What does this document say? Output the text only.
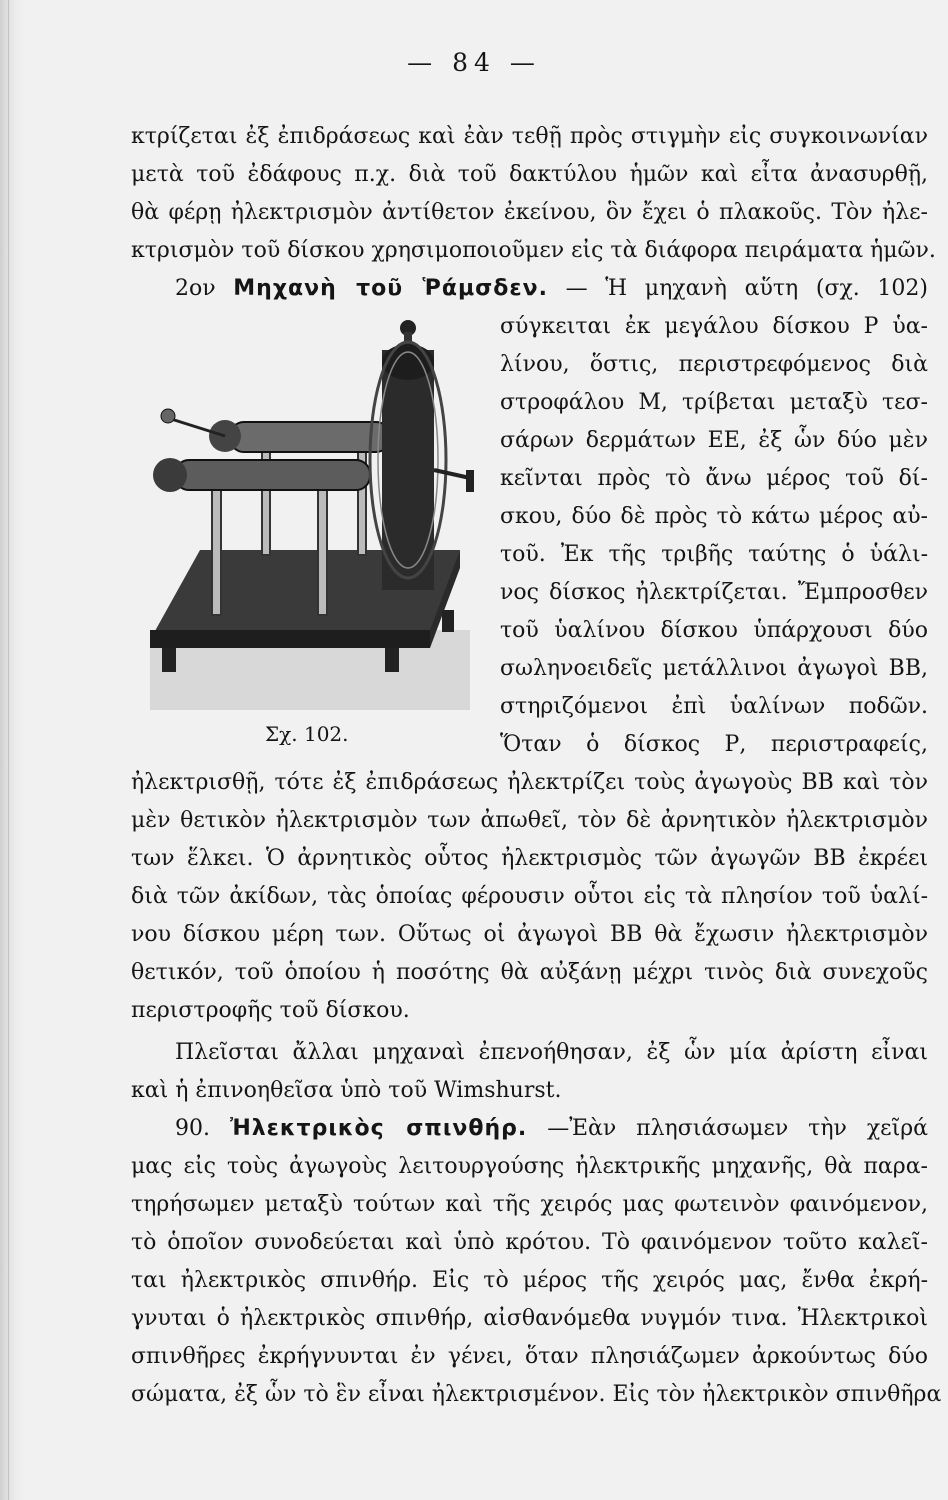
— 84 —
κτρίζεται ἐξ ἐπιδράσεως καὶ ἐὰν τεθῇ πρὸς στιγμὴν εἰς συγκοινωνίαν
μετὰ τοῦ ἐδάφους π.χ. διὰ τοῦ δακτύλου ἡμῶν καὶ εἶτα ἀνασυρθῇ,
θὰ φέρῃ ἠλεκτρισμὸν ἀντίθετον ἐκείνου, ὃν ἔχει ὁ πλακοῦς. Τὸν ἠλε-
κτρισμὸν τοῦ δίσκου χρησιμοποιοῦμεν εἰς τὰ διάφορα πειράματα ἡμῶν.
2ον Μηχανὴ τοῦ Ῥάμσδεν. — Ἡ μηχανὴ αὕτη (σχ. 102)
σύγκειται ἐκ μεγάλου δίσκου Ρ ὑα-
λίνου, ὅστις, περιστρεφόμενος διὰ
στροφάλου Μ, τρίβεται μεταξὺ τεσ-
σάρων δερμάτων ΕΕ, ἐξ ὧν δύο μὲν
κεῖνται πρὸς τὸ ἄνω μέρος τοῦ δί-
σκου, δύο δὲ πρὸς τὸ κάτω μέρος αὐ-
τοῦ. Ἐκ τῆς τριβῆς ταύτης ὁ ὑάλι-
νος δίσκος ἠλεκτρίζεται. Ἔμπροσθεν
τοῦ ὑαλίνου δίσκου ὑπάρχουσι δύο
σωληνοειδεῖς μετάλλινοι ἀγωγοὶ ΒΒ,
στηριζόμενοι ἐπὶ ὑαλίνων ποδῶν.
Ὅταν ὁ δίσκος Ρ, περιστραφείς,
Σχ. 102.
ἠλεκτρισθῇ, τότε ἐξ ἐπιδράσεως ἠλεκτρίζει τοὺς ἀγωγοὺς ΒΒ καὶ τὸν
μὲν θετικὸν ἠλεκτρισμὸν των ἀπωθεῖ, τὸν δὲ ἀρνητικὸν ἠλεκτρισμὸν
των ἕλκει. Ὁ ἀρνητικὸς οὗτος ἠλεκτρισμὸς τῶν ἀγωγῶν ΒΒ ἐκρέει
διὰ τῶν ἀκίδων, τὰς ὁποίας φέρουσιν οὗτοι εἰς τὰ πλησίον τοῦ ὑαλί-
νου δίσκου μέρη των. Οὕτως οἱ ἀγωγοὶ ΒΒ θὰ ἔχωσιν ἠλεκτρισμὸν
θετικόν, τοῦ ὁποίου ἡ ποσότης θὰ αὐξάνῃ μέχρι τινὸς διὰ συνεχοῦς
περιστροφῆς τοῦ δίσκου.
Πλεῖσται ἄλλαι μηχαναὶ ἐπενοήθησαν, ἐξ ὧν μία ἀρίστη εἶναι
καὶ ἡ ἐπινοηθεῖσα ὑπὸ τοῦ Wimshurst.
90. Ἠλεκτρικὸς σπινθήρ. —Ἐὰν πλησιάσωμεν τὴν χεῖρά
μας εἰς τοὺς ἀγωγοὺς λειτουργούσης ἠλεκτρικῆς μηχανῆς, θὰ παρα-
τηρήσωμεν μεταξὺ τούτων καὶ τῆς χειρός μας φωτεινὸν φαινόμενον,
τὸ ὁποῖον συνοδεύεται καὶ ὑπὸ κρότου. Τὸ φαινόμενον τοῦτο καλεῖ-
ται ἠλεκτρικὸς σπινθήρ. Εἰς τὸ μέρος τῆς χειρός μας, ἔνθα ἐκρή-
γνυται ὁ ἠλεκτρικὸς σπινθήρ, αἰσθανόμεθα νυγμόν τινα. Ἠλεκτρικοὶ
σπινθῆρες ἐκρήγνυνται ἐν γένει, ὅταν πλησιάζωμεν ἀρκούντως δύο
σώματα, ἐξ ὧν τὸ ἓν εἶναι ἠλεκτρισμένον. Εἰς τὸν ἠλεκτρικὸν σπινθῆρα
